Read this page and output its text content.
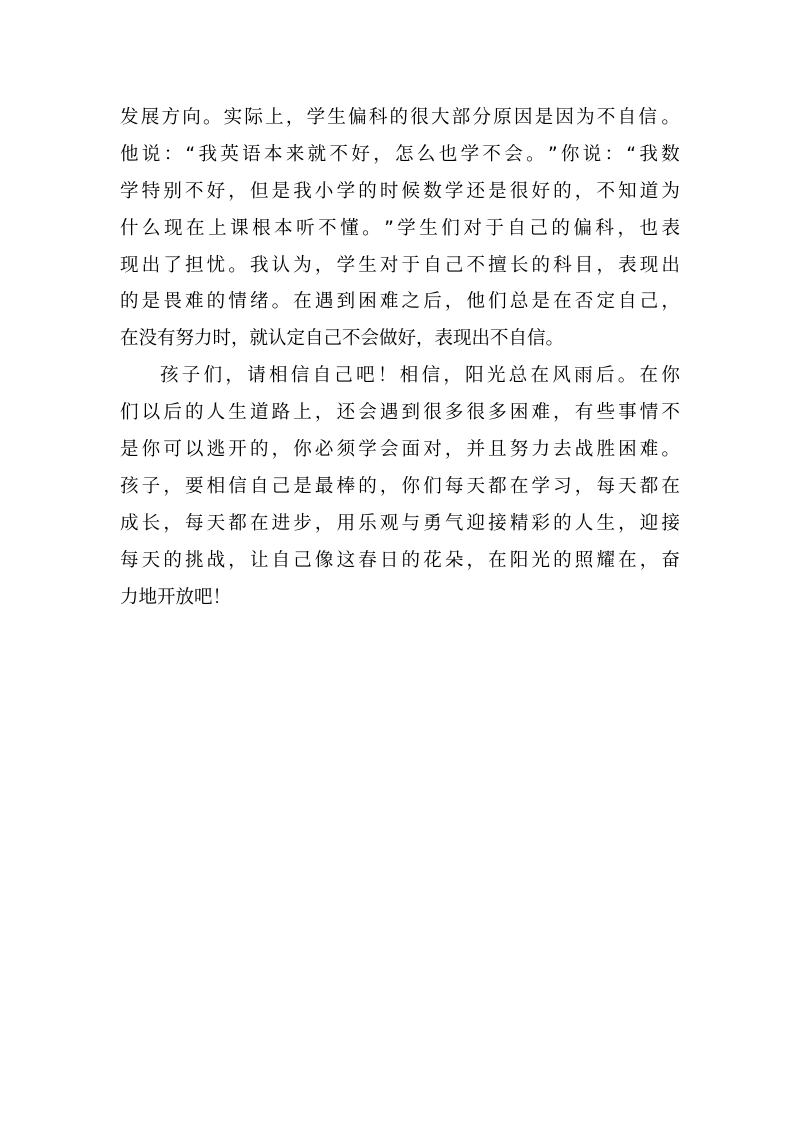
发 展 方 向 。 实 际 上 ， 学 生 偏 科 的 很 大 部 分 原 因 是 因 为 不 自 信 。
他 说 ： “ 我 英 语 本 来 就 不 好 ， 怎 么 也 学 不 会 。 ” 你 说 ： “ 我 数
学 特 别 不 好 ， 但 是 我 小 学 的 时 候 数 学 还 是 很 好 的 ， 不 知 道 为
什 么 现 在 上 课 根 本 听 不 懂 。 ” 学 生 们 对 于 自 己 的 偏 科 ， 也 表
现 出 了 担 忧 。 我 认 为 ， 学 生 对 于 自 己 不 擅 长 的 科 目 ， 表 现 出
的 是 畏 难 的 情 绪 。 在 遇 到 困 难 之 后 ， 他 们 总 是 在 否 定 自 己 ，
在没有努力时，就认定自己不会做好，表现出不自信。
孩 子 们 ， 请 相 信 自 己 吧 ！ 相 信 ， 阳 光 总 在 风 雨 后 。 在 你
们 以 后 的 人 生 道 路 上 ， 还 会 遇 到 很 多 很 多 困 难 ， 有 些 事 情 不
是 你 可 以 逃 开 的 ， 你 必 须 学 会 面 对 ， 并 且 努 力 去 战 胜 困 难 。
孩 子 ， 要 相 信 自 己 是 最 棒 的 ， 你 们 每 天 都 在 学 习 ， 每 天 都 在
成 长 ， 每 天 都 在 进 步 ， 用 乐 观 与 勇 气 迎 接 精 彩 的 人 生 ， 迎 接
每 天 的 挑 战 ， 让 自 己 像 这 春 日 的 花 朵 ， 在 阳 光 的 照 耀 在 ， 奋
力地开放吧！
